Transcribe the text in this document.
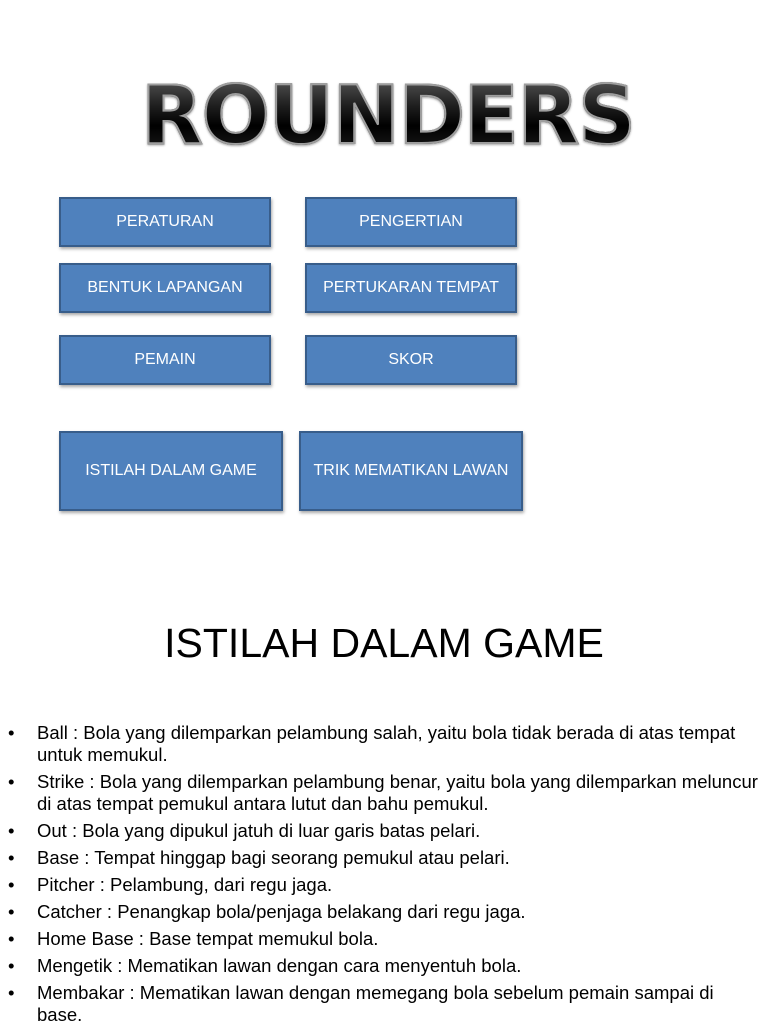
ROUNDERS
PERATURAN	PENGERTIAN
BENTUK LAPANGAN	PERTUKARAN TEMPAT
PEMAIN	SKOR
ISTILAH DALAM GAME	TRIK MEMATIKAN LAWAN
ISTILAH DALAM GAME
• Ball : Bola yang dilemparkan pelambung salah, yaitu bola tidak berada di atas tempat untuk memukul.
• Strike : Bola yang dilemparkan pelambung benar, yaitu bola yang dilemparkan meluncur di atas tempat pemukul antara lutut dan bahu pemukul.
• Out : Bola yang dipukul jatuh di luar garis batas pelari.
• Base : Tempat hinggap bagi seorang pemukul atau pelari.
• Pitcher : Pelambung, dari regu jaga.
• Catcher : Penangkap bola/penjaga belakang dari regu jaga.
• Home Base : Base tempat memukul bola.
• Mengetik : Mematikan lawan dengan cara menyentuh bola.
• Membakar : Mematikan lawan dengan memegang bola sebelum pemain sampai di base.
